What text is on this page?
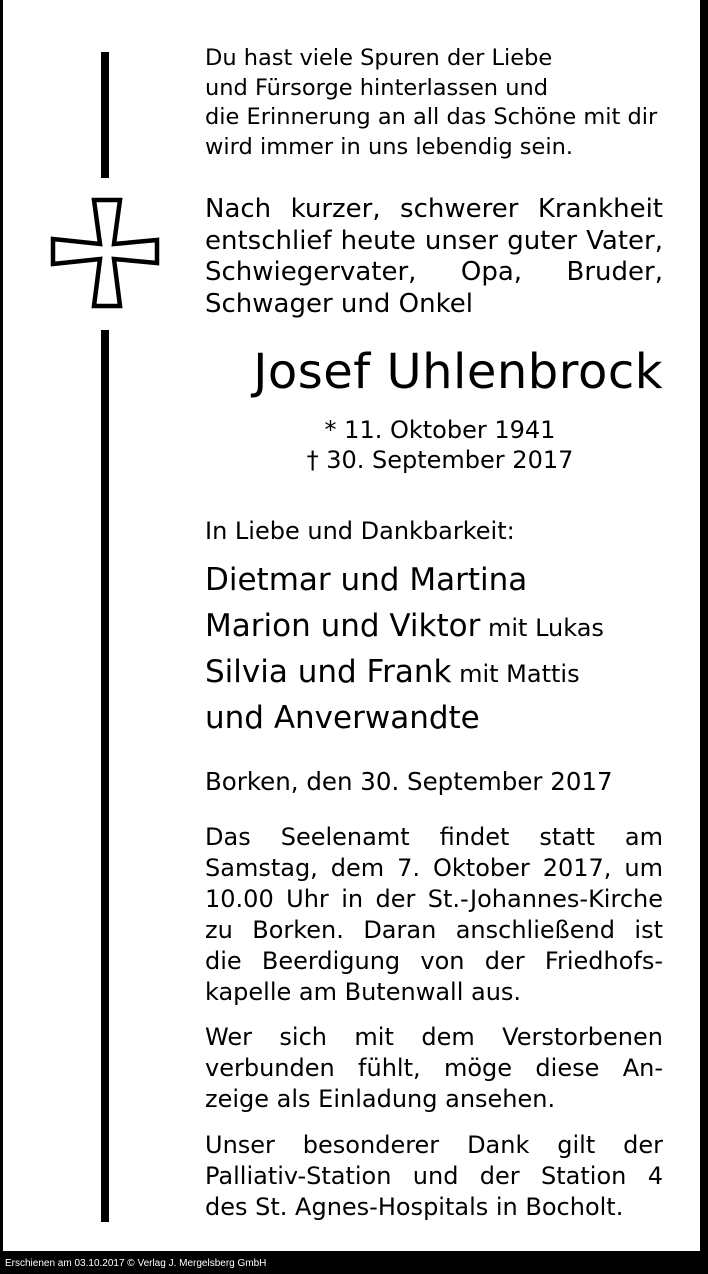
Du hast viele Spuren der Liebe

und Fürsorge hinterlassen und

die Erinnerung an all das Schöne mit dir

wird immer in uns lebendig sein.

Nach kurzer, schwerer Krankheit

entschlief heute unser guter Vater,

Schwiegervater, Opa, Bruder,

Schwager und Onkel

Josef Uhlenbrock

* 11. Oktober 1941

† 30. September 2017

In Liebe und Dankbarkeit:

Dietmar und Martina

Marion und Viktor mit Lukas

Silvia und Frank mit Mattis

und Anverwandte

Borken, den 30. September 2017

Das Seelenamt findet statt am

Samstag, dem 7. Oktober 2017, um

10.00 Uhr in der St.-Johannes-Kirche

zu Borken. Daran anschließend ist

die Beerdigung von der Friedhofs-

kapelle am Butenwall aus.

Wer sich mit dem Verstorbenen

verbunden fühlt, möge diese An-

zeige als Einladung ansehen.

Unser besonderer Dank gilt der

Palliativ-Station und der Station 4

des St. Agnes-Hospitals in Bocholt.

Erschienen am 03.10.2017 © Verlag J. Mergelsberg GmbH
